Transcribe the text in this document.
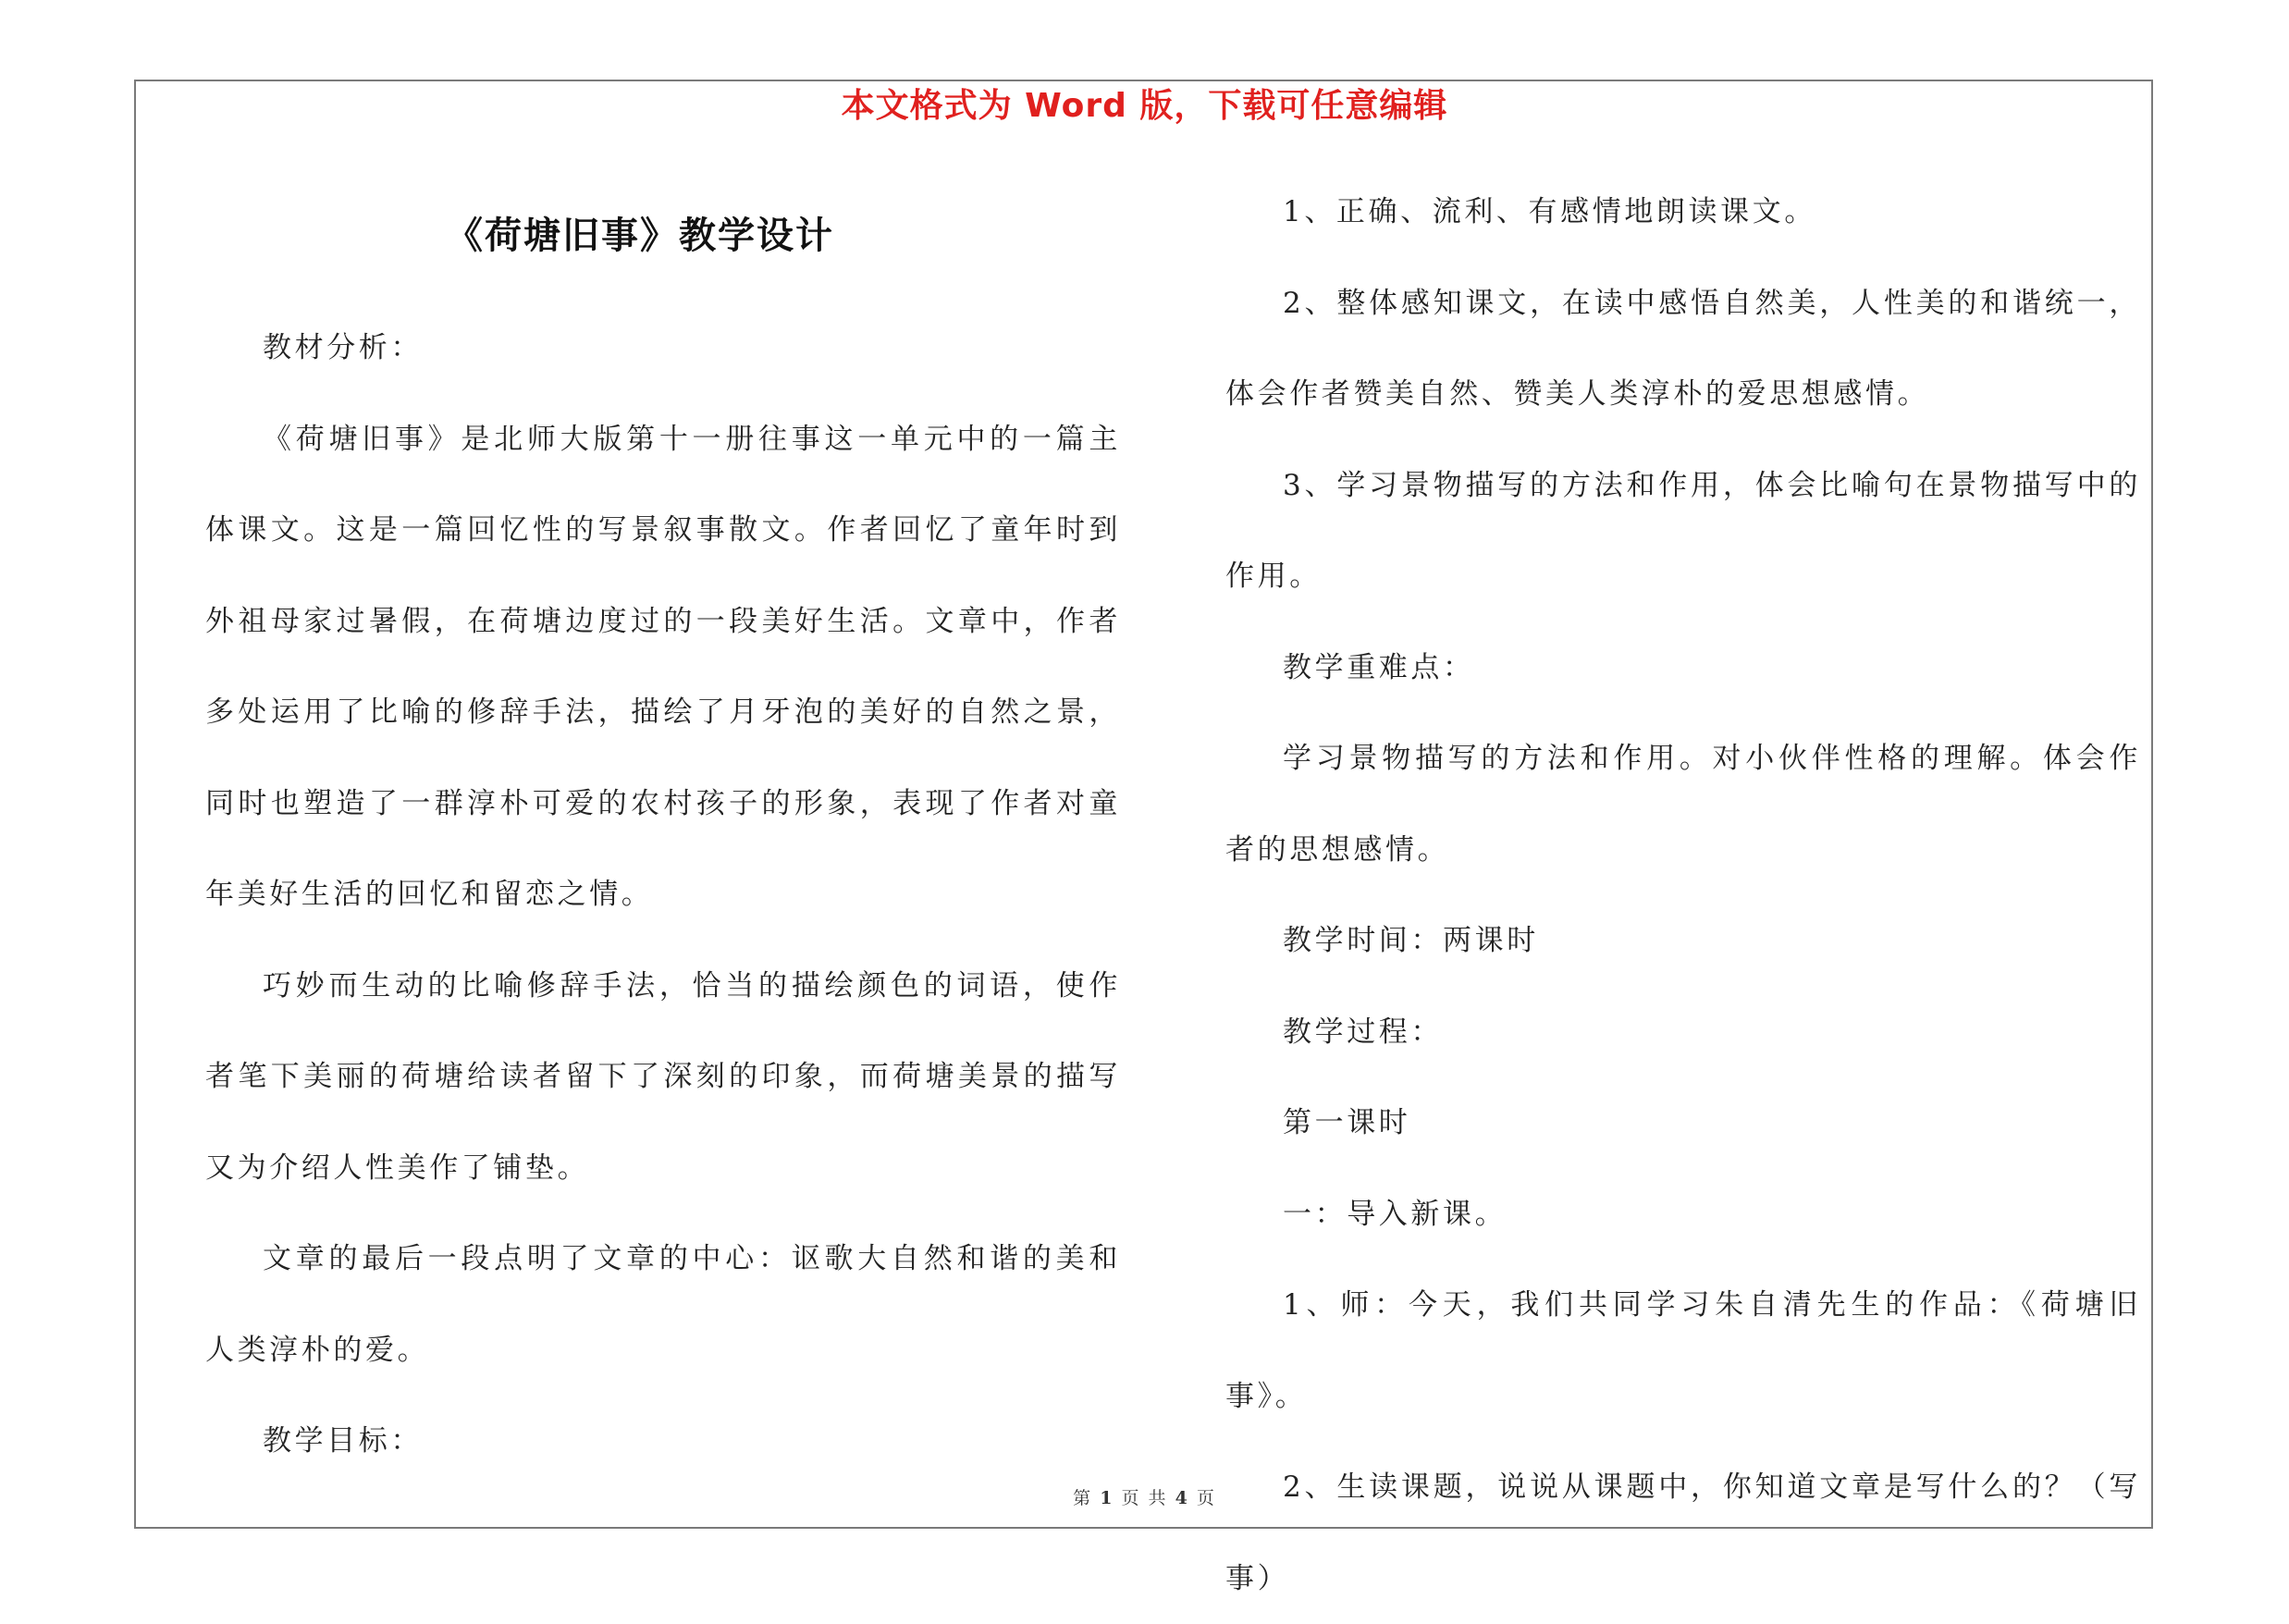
本文格式为 Word 版，下载可任意编辑
《荷塘旧事》教学设计

教材分析：

《荷塘旧事》是北师大版第十一册往事这一单元中的一篇主体课文。这是一篇回忆性的写景叙事散文。作者回忆了童年时到外祖母家过暑假，在荷塘边度过的一段美好生活。文章中，作者多处运用了比喻的修辞手法，描绘了月牙泡的美好的自然之景，同时也塑造了一群淳朴可爱的农村孩子的形象，表现了作者对童年美好生活的回忆和留恋之情。

巧妙而生动的比喻修辞手法，恰当的描绘颜色的词语，使作者笔下美丽的荷塘给读者留下了深刻的印象，而荷塘美景的描写又为介绍人性美作了铺垫。

文章的最后一段点明了文章的中心：讴歌大自然和谐的美和人类淳朴的爱。

教学目标：

1、正确、流利、有感情地朗读课文。

2、整体感知课文，在读中感悟自然美，人性美的和谐统一，体会作者赞美自然、赞美人类淳朴的爱思想感情。

3、学习景物描写的方法和作用，体会比喻句在景物描写中的作用。

教学重难点：

学习景物描写的方法和作用。对小伙伴性格的理解。体会作者的思想感情。

教学时间：两课时

教学过程：

第一课时

一：导入新课。

1、师：今天，我们共同学习朱自清先生的作品：《荷塘旧事》。

2、生读课题，说说从课题中，你知道文章是写什么的？（写事）

第 1 页 共 4 页
